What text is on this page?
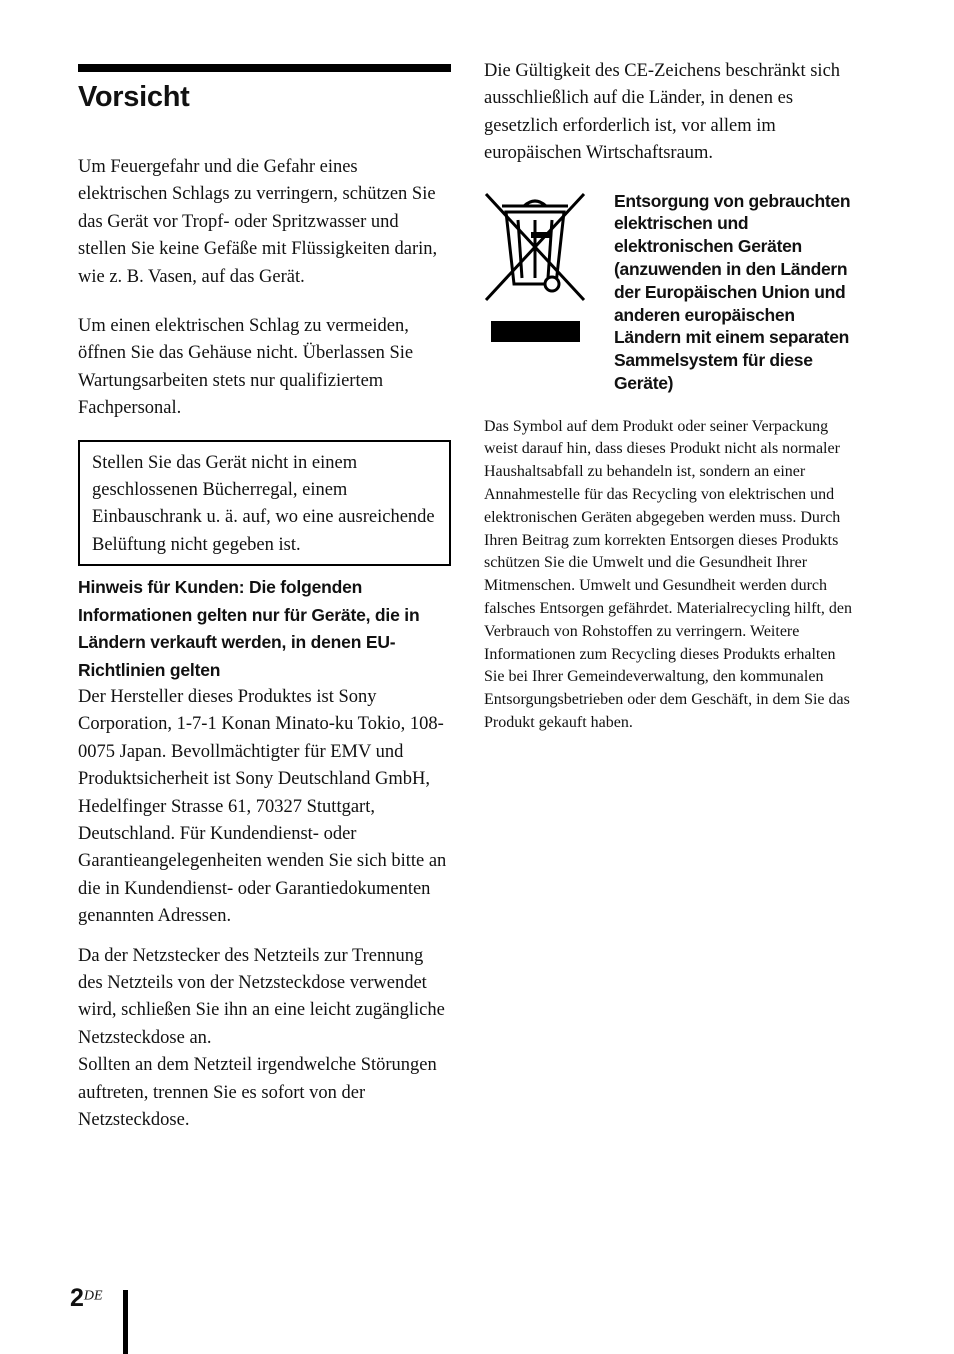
Vorsicht

Um Feuergefahr und die Gefahr eines elektrischen Schlags zu verringern, schützen Sie das Gerät vor Tropf- oder Spritzwasser und stellen Sie keine Gefäße mit Flüssigkeiten darin, wie z. B. Vasen, auf das Gerät.

Um einen elektrischen Schlag zu vermeiden, öffnen Sie das Gehäuse nicht. Überlassen Sie Wartungsarbeiten stets nur qualifiziertem Fachpersonal.

Stellen Sie das Gerät nicht in einem geschlossenen Bücherregal, einem Einbauschrank u. ä. auf, wo eine ausreichende Belüftung nicht gegeben ist.
Hinweis für Kunden: Die folgenden Informationen gelten nur für Geräte, die in Ländern verkauft werden, in denen EU-Richtlinien gelten

Der Hersteller dieses Produktes ist Sony Corporation, 1-7-1 Konan Minato-ku Tokio, 108-0075 Japan. Bevollmächtigter für EMV und Produktsicherheit ist Sony Deutschland GmbH, Hedelfinger Strasse 61, 70327 Stuttgart, Deutschland. Für Kundendienst- oder Garantieangelegenheiten wenden Sie sich bitte an die in Kundendienst- oder Garantiedokumenten genannten Adressen.

Da der Netzstecker des Netzteils zur Trennung des Netzteils von der Netzsteckdose verwendet wird, schließen Sie ihn an eine leicht zugängliche Netzsteckdose an.

Sollten an dem Netzteil irgendwelche Störungen auftreten, trennen Sie es sofort von der Netzsteckdose.

Die Gültigkeit des CE-Zeichens beschränkt sich ausschließlich auf die Länder, in denen es gesetzlich erforderlich ist, vor allem im europäischen Wirtschaftsraum.

Entsorgung von gebrauchten elektrischen und elektronischen Geräten (anzuwenden in den Ländern der Europäischen Union und anderen europäischen Ländern mit einem separaten Sammelsystem für diese Geräte)

Das Symbol auf dem Produkt oder seiner Verpackung weist darauf hin, dass dieses Produkt nicht als normaler Haushaltsabfall zu behandeln ist, sondern an einer Annahmestelle für das Recycling von elektrischen und elektronischen Geräten abgegeben werden muss. Durch Ihren Beitrag zum korrekten Entsorgen dieses Produkts schützen Sie die Umwelt und die Gesundheit Ihrer Mitmenschen. Umwelt und Gesundheit werden durch falsches Entsorgen gefährdet. Materialrecycling hilft, den Verbrauch von Rohstoffen zu verringern. Weitere Informationen zum Recycling dieses Produkts erhalten Sie bei Ihrer Gemeindeverwaltung, den kommunalen Entsorgungsbetrieben oder dem Geschäft, in dem Sie das Produkt gekauft haben.

2DE
